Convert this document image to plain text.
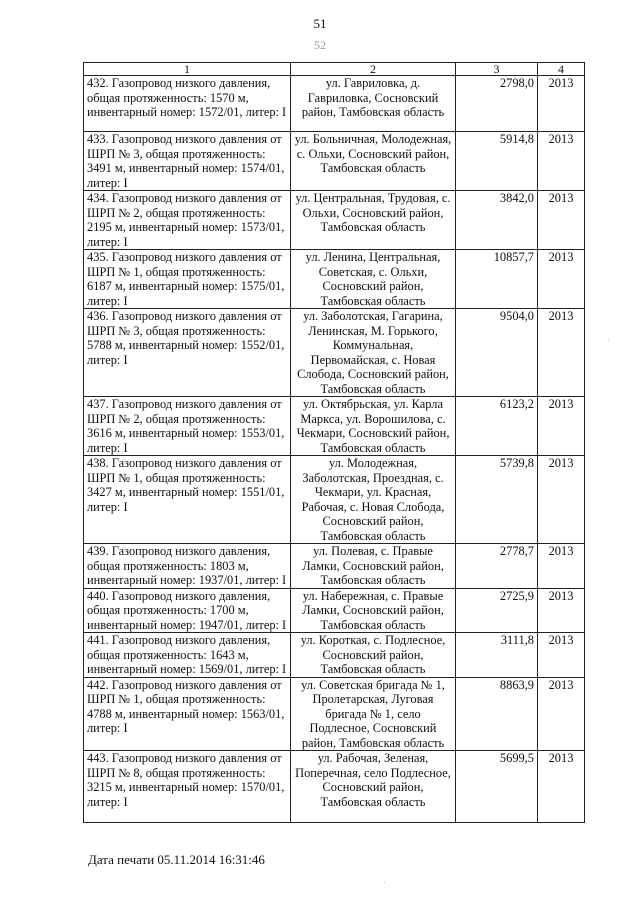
51
52
1	2	3	4
432. Газопровод низкого давления, общая протяженность: 1570 м, инвентарный номер: 1572/01, литер: I	ул. Гавриловка, д. Гавриловка, Сосновский район, Тамбовская область	2798,0	2013
433. Газопровод низкого давления от ШРП № 3, общая протяженность: 3491 м, инвентарный номер: 1574/01, литер: I	ул. Больничная, Молодежная, с. Ольхи, Сосновский район, Тамбовская область	5914,8	2013
434. Газопровод низкого давления от ШРП № 2, общая протяженность: 2195 м, инвентарный номер: 1573/01, литер: I	ул. Центральная, Трудовая, с. Ольхи, Сосновский район, Тамбовская область	3842,0	2013
435. Газопровод низкого давления от ШРП № 1, общая протяженность: 6187 м, инвентарный номер: 1575/01, литер: I	ул. Ленина, Центральная, Советская, с. Ольхи, Сосновский район, Тамбовская область	10857,7	2013
436. Газопровод низкого давления от ШРП № 3, общая протяженность: 5788 м, инвентарный номер: 1552/01, литер: I	ул. Заболотская, Гагарина, Ленинская, М. Горького, Коммунальная, Первомайская, с. Новая Слобода, Сосновский район, Тамбовская область	9504,0	2013
437. Газопровод низкого давления от ШРП № 2, общая протяженность: 3616 м, инвентарный номер: 1553/01, литер: I	ул. Октябрьская, ул. Карла Маркса, ул. Ворошилова, с. Чекмари, Сосновский район, Тамбовская область	6123,2	2013
438. Газопровод низкого давления от ШРП № 1, общая протяженность: 3427 м, инвентарный номер: 1551/01, литер: I	ул. Молодежная, Заболотская, Проездная, с. Чекмари, ул. Красная, Рабочая, с. Новая Слобода, Сосновский район, Тамбовская область	5739,8	2013
439. Газопровод низкого давления, общая протяженность: 1803 м, инвентарный номер: 1937/01, литер: I	ул. Полевая, с. Правые Ламки, Сосновский район, Тамбовская область	2778,7	2013
440. Газопровод низкого давления, общая протяженность: 1700 м, инвентарный номер: 1947/01, литер: I	ул. Набережная, с. Правые Ламки, Сосновский район, Тамбовская область	2725,9	2013
441. Газопровод низкого давления, общая протяженность: 1643 м, инвентарный номер: 1569/01, литер: I	ул. Короткая, с. Подлесное, Сосновский район, Тамбовская область	3111,8	2013
442. Газопровод низкого давления от ШРП № 1, общая протяженность: 4788 м, инвентарный номер: 1563/01, литер: I	ул. Советская бригада № 1, Пролетарская, Луговая бригада № 1, село Подлесное, Сосновский район, Тамбовская область	8863,9	2013
443. Газопровод низкого давления от ШРП № 8, общая протяженность: 3215 м, инвентарный номер: 1570/01, литер: I	ул. Рабочая, Зеленая, Поперечная, село Подлесное, Сосновский район, Тамбовская область	5699,5	2013
Дата печати 05.11.2014 16:31:46
